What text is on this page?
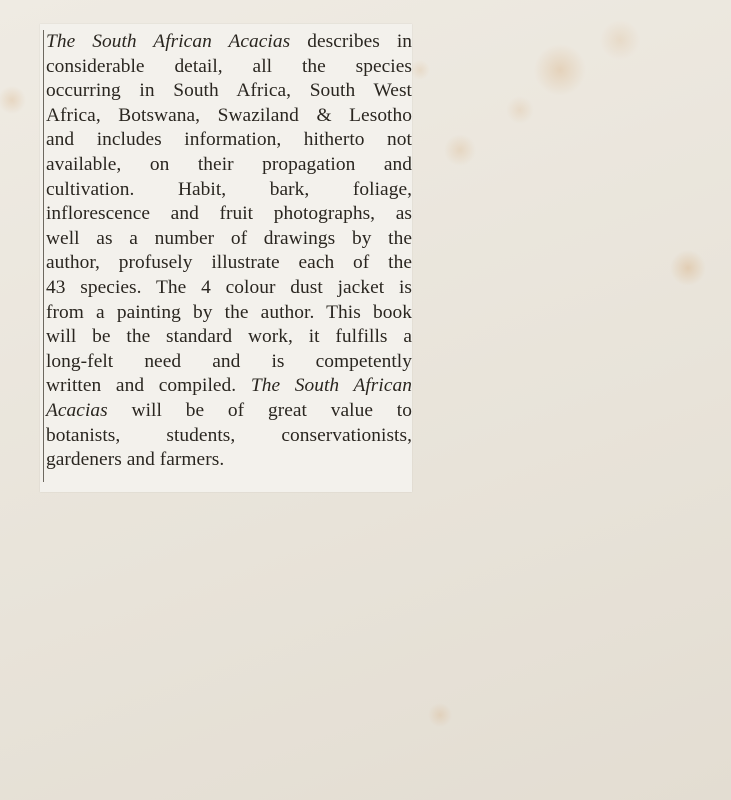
The South African Acacias describes in
considerable detail, all the species
occurring in South Africa, South West
Africa, Botswana, Swaziland & Lesotho
and includes information, hitherto not
available, on their propagation and
cultivation. Habit, bark, foliage,
inflorescence and fruit photographs, as
well as a number of drawings by the
author, profusely illustrate each of the
43 species. The 4 colour dust jacket is
from a painting by the author. This book
will be the standard work, it fulfills a
long-felt need and is competently
written and compiled. The South African
Acacias will be of great value to
botanists, students, conservationists,
gardeners and farmers.
